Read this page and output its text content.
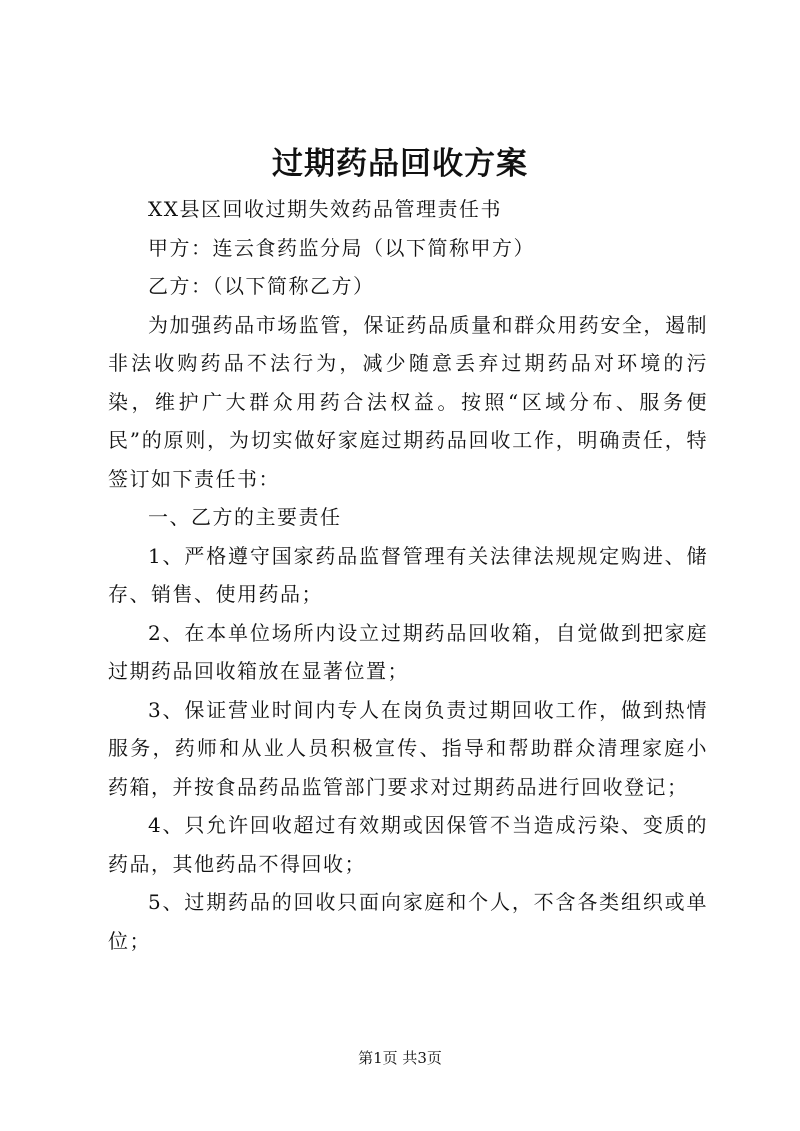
过期药品回收方案

XX县区回收过期失效药品管理责任书

甲方：连云食药监分局（以下简称甲方）

乙方：（以下简称乙方）

为加强药品市场监管，保证药品质量和群众用药安全，遏制非法收购药品不法行为，减少随意丢弃过期药品对环境的污染，维护广大群众用药合法权益。按照“区域分布、服务便民”的原则，为切实做好家庭过期药品回收工作，明确责任，特签订如下责任书：

一、乙方的主要责任

1、严格遵守国家药品监督管理有关法律法规规定购进、储存、销售、使用药品；

2、在本单位场所内设立过期药品回收箱，自觉做到把家庭过期药品回收箱放在显著位置；

3、保证营业时间内专人在岗负责过期回收工作，做到热情服务，药师和从业人员积极宣传、指导和帮助群众清理家庭小药箱，并按食品药品监管部门要求对过期药品进行回收登记；

4、只允许回收超过有效期或因保管不当造成污染、变质的药品，其他药品不得回收；

5、过期药品的回收只面向家庭和个人，不含各类组织或单位；

第1页 共3页
